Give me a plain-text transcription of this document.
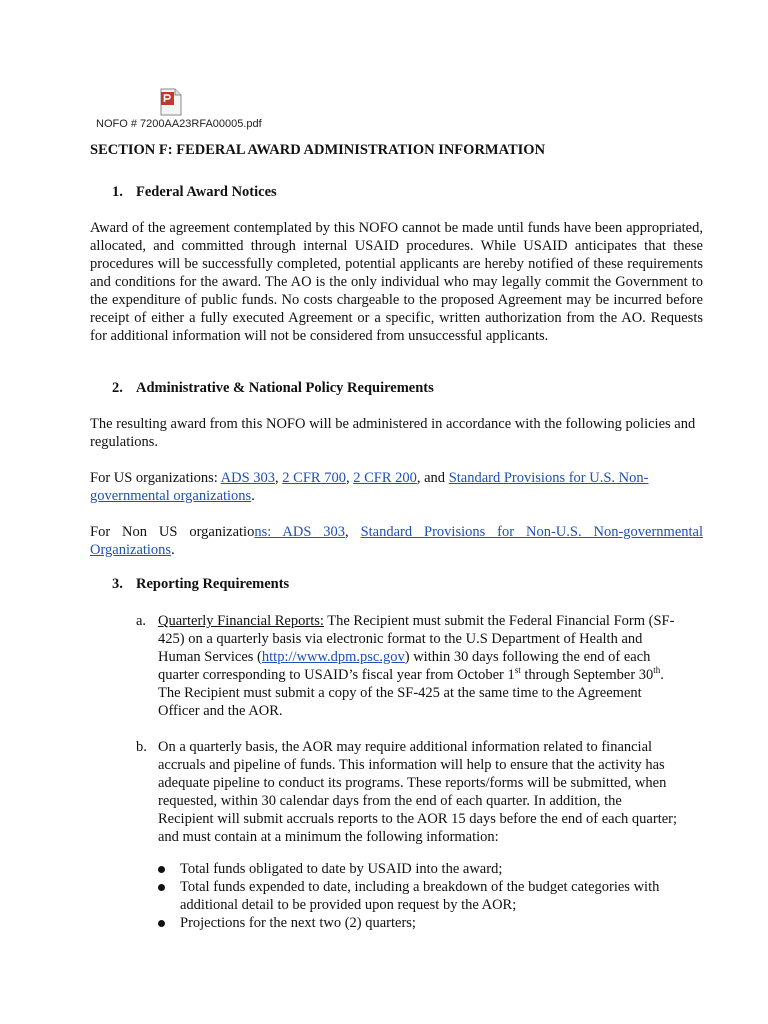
NOFO # 7200AA23RFA00005.pdf
SECTION F: FEDERAL AWARD ADMINISTRATION INFORMATION
1. Federal Award Notices

Award of the agreement contemplated by this NOFO cannot be made until funds have been appropriated, allocated, and committed through internal USAID procedures. While USAID anticipates that these procedures will be successfully completed, potential applicants are hereby notified of these requirements and conditions for the award. The AO is the only individual who may legally commit the Government to the expenditure of public funds. No costs chargeable to the proposed Agreement may be incurred before receipt of either a fully executed Agreement or a specific, written authorization from the AO. Requests for additional information will not be considered from unsuccessful applicants.

2. Administrative & National Policy Requirements

The resulting award from this NOFO will be administered in accordance with the following policies and regulations.

For US organizations: ADS 303, 2 CFR 700, 2 CFR 200, and Standard Provisions for U.S. Non-governmental organizations.

For Non US organizations: ADS 303, Standard Provisions for Non-U.S. Non-governmental Organizations.

3. Reporting Requirements
a. Quarterly Financial Reports: The Recipient must submit the Federal Financial Form (SF-425) on a quarterly basis via electronic format to the U.S Department of Health and Human Services (http://www.dpm.psc.gov) within 30 days following the end of each quarter corresponding to USAID’s fiscal year from October 1st through September 30th. The Recipient must submit a copy of the SF-425 at the same time to the Agreement Officer and the AOR.

b. On a quarterly basis, the AOR may require additional information related to financial accruals and pipeline of funds. This information will help to ensure that the activity has adequate pipeline to conduct its programs. These reports/forms will be submitted, when requested, within 30 calendar days from the end of each quarter. In addition, the Recipient will submit accruals reports to the AOR 15 days before the end of each quarter; and must contain at a minimum the following information:

Total funds obligated to date by USAID into the award;
Total funds expended to date, including a breakdown of the budget categories with additional detail to be provided upon request by the AOR;
Projections for the next two (2) quarters;
